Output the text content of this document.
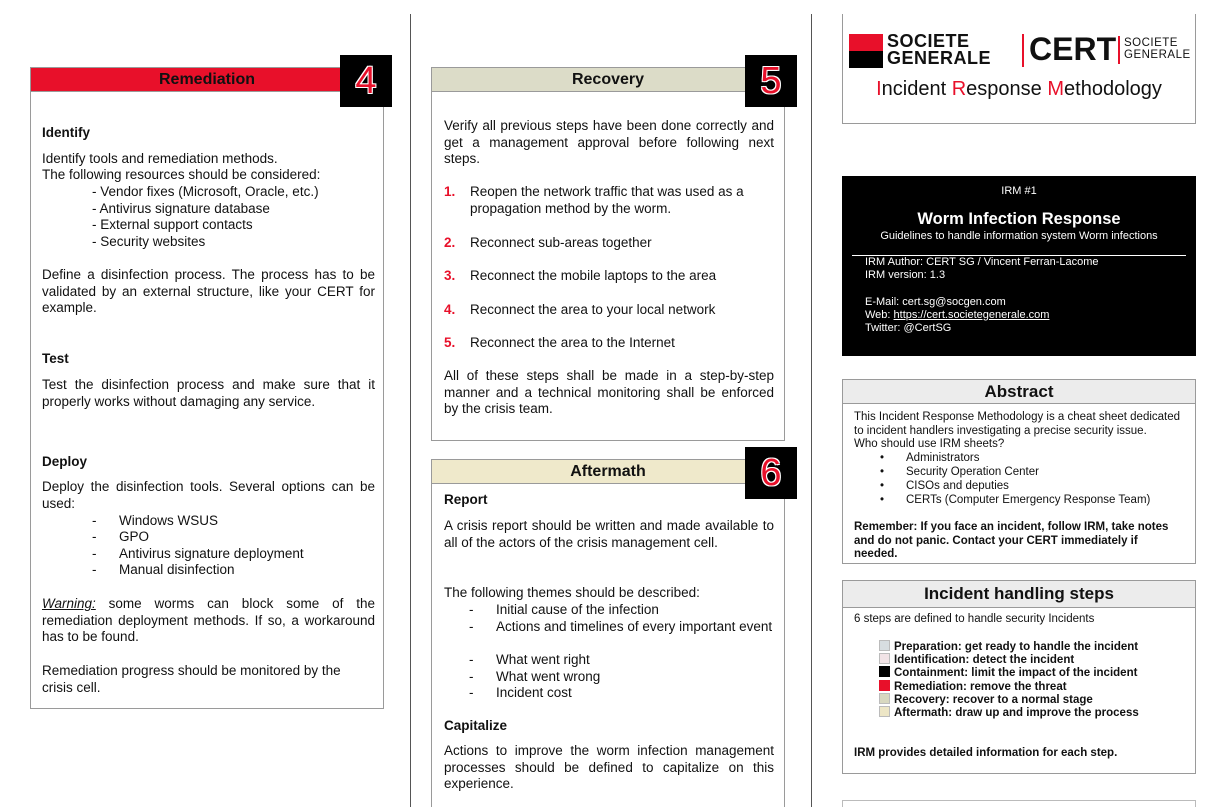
Remediation
Identify
Identify tools and remediation methods.
The following resources should be considered:
- Vendor fixes (Microsoft, Oracle, etc.)
- Antivirus signature database
- External support contacts
- Security websites
Define a disinfection process. The process has to be validated by an external structure, like your CERT for example.
Test
Test the disinfection process and make sure that it properly works without damaging any service.
Deploy
Deploy the disinfection tools. Several options can be used:
- Windows WSUS
- GPO
- Antivirus signature deployment
- Manual disinfection
Warning: some worms can block some of the remediation deployment methods. If so, a workaround has to be found.
Remediation progress should be monitored by the crisis cell.
4	Recovery
Verify all previous steps have been done correctly and get a management approval before following next steps.
1. Reopen the network traffic that was used as a propagation method by the worm.
2. Reconnect sub-areas together
3. Reconnect the mobile laptops to the area
4. Reconnect the area to your local network
5. Reconnect the area to the Internet
All of these steps shall be made in a step-by-step manner and a technical monitoring shall be enforced by the crisis team.
5
Aftermath
Report
A crisis report should be written and made available to all of the actors of the crisis management cell.
The following themes should be described:
- Initial cause of the infection
- Actions and timelines of every important event
- What went right
- What went wrong
- Incident cost
Capitalize
Actions to improve the worm infection management processes should be defined to capitalize on this experience.
6
SOCIETE
GENERALE CERT SOCIETE
GENERALE
Incident Response Methodology
IRM #1
Worm Infection Response
Guidelines to handle information system Worm infections
IRM Author: CERT SG / Vincent Ferran-Lacome
IRM version: 1.3
E-Mail: cert.sg@socgen.com
Web: https://cert.societegenerale.com
Twitter: @CertSG
Abstract
This Incident Response Methodology is a cheat sheet dedicated to incident handlers investigating a precise security issue.
Who should use IRM sheets?
• Administrators
• Security Operation Center
• CISOs and deputies
• CERTs (Computer Emergency Response Team)
Remember: If you face an incident, follow IRM, take notes and do not panic. Contact your CERT immediately if needed.
Incident handling steps
6 steps are defined to handle security Incidents
Preparation: get ready to handle the incident
Identification: detect the incident
Containment: limit the impact of the incident
Remediation: remove the threat
Recovery: recover to a normal stage
Aftermath: draw up and improve the process
IRM provides detailed information for each step.
